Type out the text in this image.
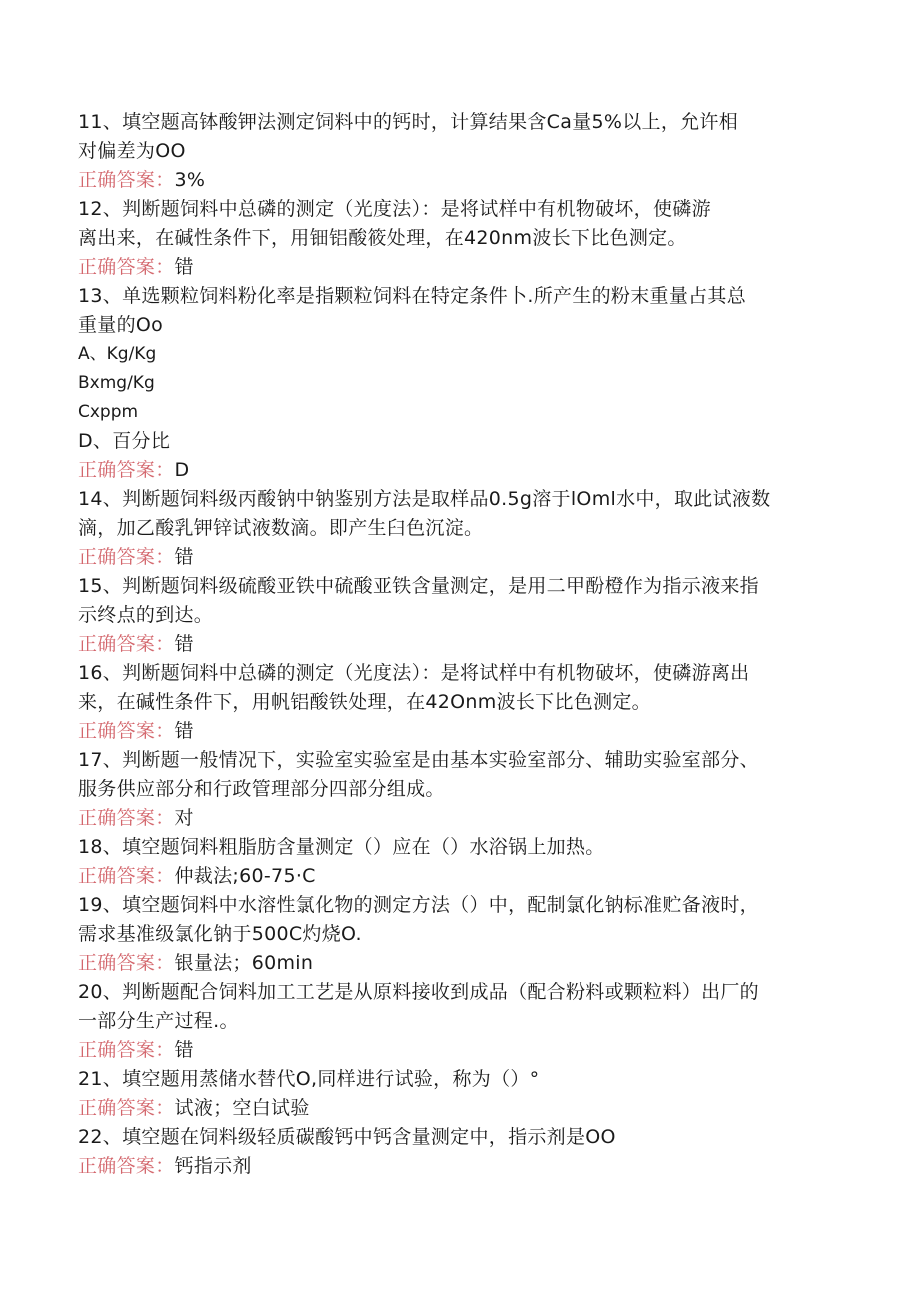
11、填空题高钵酸钾法测定饲料中的钙时，计算结果含Ca量5%以上，允许相
对偏差为OO
正确答案：3%
12、判断题饲料中总磷的测定（光度法）：是将试样中有机物破坏，使磷游
离出来，在碱性条件下，用钿铝酸筱处理，在420nm波长下比色测定。
正确答案：错
13、单选颗粒饲料粉化率是指颗粒饲料在特定条件卜.所产生的粉末重量占其总
重量的Oo
A、Kg/Kg
Bxmg/Kg
Cxppm
D、百分比
正确答案：D
14、判断题饲料级丙酸钠中钠鉴别方法是取样品0.5g溶于lOml水中，取此试液数
滴，加乙酸乳钾锌试液数滴。即产生臼色沉淀。
正确答案：错
15、判断题饲料级硫酸亚铁中硫酸亚铁含量测定，是用二甲酚橙作为指示液来指
示终点的到达。
正确答案：错
16、判断题饲料中总磷的测定（光度法）：是将试样中有机物破坏，使磷游离出
来，在碱性条件下，用帆铝酸铁处理，在42Onm波长下比色测定。
正确答案：错
17、判断题一般情况下，实验室实验室是由基本实验室部分、辅助实验室部分、
服务供应部分和行政管理部分四部分组成。
正确答案：对
18、填空题饲料粗脂肪含量测定（）应在（）水浴锅上加热。
正确答案：仲裁法;60-75·C
19、填空题饲料中水溶性氯化物的测定方法（）中，配制氯化钠标准贮备液时，
需求基准级氯化钠于500C灼烧O.
正确答案：银量法；60min
20、判断题配合饲料加工工艺是从原料接收到成品（配合粉料或颗粒料）出厂的
一部分生产过程.。
正确答案：错
21、填空题用蒸储水替代O,同样进行试验，称为（）°
正确答案：试液；空白试验
22、填空题在饲料级轻质碳酸钙中钙含量测定中，指示剂是OO
正确答案：钙指示剂
